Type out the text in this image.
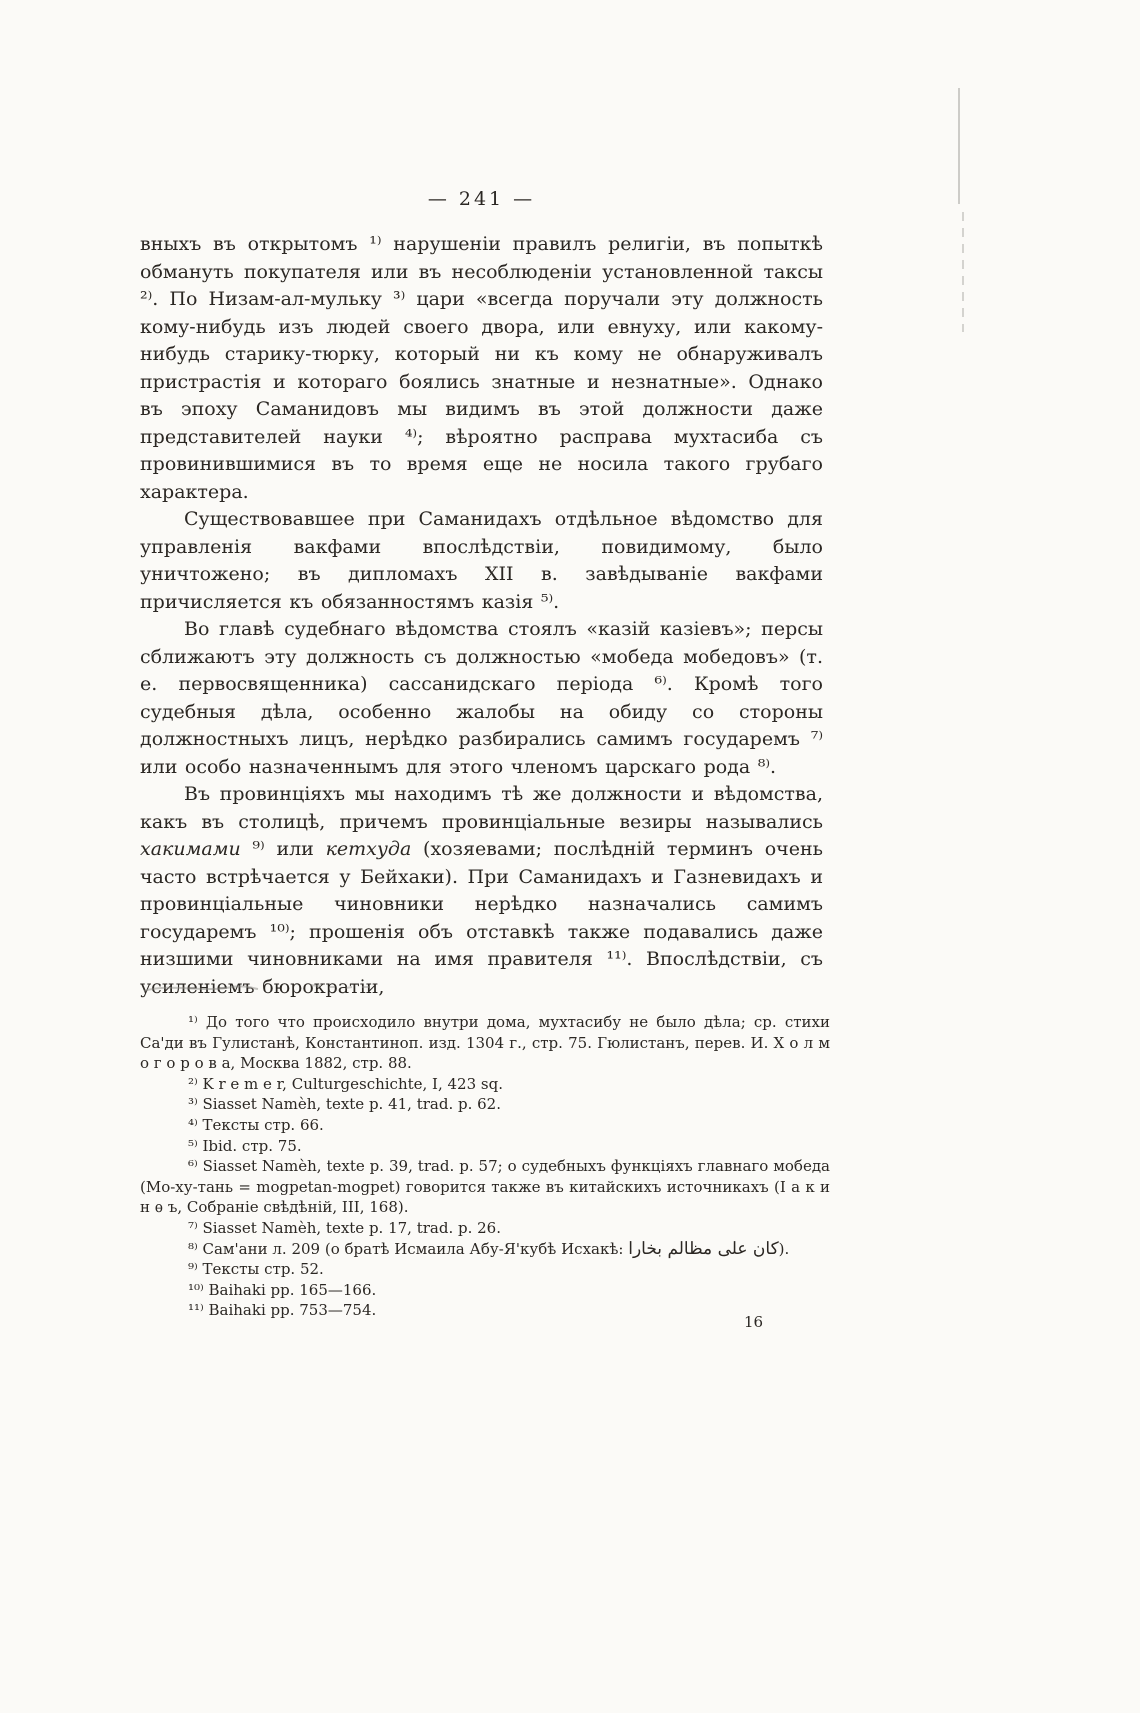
— 241 —

вныхъ въ открытомъ ¹⁾ нарушеніи правилъ религіи, въ попыткѣ обмануть покупателя или въ несоблюденіи установленной таксы ²⁾. По Низам-ал-мульку ³⁾ цари «всегда поручали эту должность кому-нибудь изъ людей своего двора, или евнуху, или какому-нибудь старику-тюрку, который ни къ кому не обнаруживалъ пристрастія и котораго боялись знатные и незнатные». Однако въ эпоху Саманидовъ мы видимъ въ этой должности даже представителей науки ⁴⁾; вѣроятно расправа мухтасиба съ провинившимися въ то время еще не носила такого грубаго характера.

Существовавшее при Саманидахъ отдѣльное вѣдомство для управленія вакфами впослѣдствіи, повидимому, было уничтожено; въ дипломахъ XII в. завѣдываніе вакфами причисляется къ обязанностямъ казія ⁵⁾.

Во главѣ судебнаго вѣдомства стоялъ «казій казіевъ»; персы сближаютъ эту должность съ должностью «мобеда мобедовъ» (т. е. первосвященника) сассанидскаго періода ⁶⁾. Кромѣ того судебныя дѣла, особенно жалобы на обиду со стороны должностныхъ лицъ, нерѣдко разбирались самимъ государемъ ⁷⁾ или особо назначеннымъ для этого членомъ царскаго рода ⁸⁾.

Въ провинціяхъ мы находимъ тѣ же должности и вѣдомства, какъ въ столицѣ, причемъ провинціальные везиры назывались хакимами ⁹⁾ или кетхуда (хозяевами; послѣдній терминъ очень часто встрѣчается у Бейхаки). При Саманидахъ и Газневидахъ и провинціальные чиновники нерѣдко назначались самимъ государемъ ¹⁰⁾; прошенія объ отставкѣ также подавались даже низшими чиновниками на имя правителя ¹¹⁾. Впослѣдствіи, съ усиленіемъ бюрократіи,

¹⁾ До того что происходило внутри дома, мухтасибу не было дѣла; ср. стихи Са'ди въ Гулистанѣ, Константиноп. изд. 1304 г., стр. 75. Гюлистанъ, перев. И. Х о л м о г о р о в а, Москва 1882, стр. 88.

²⁾ K r e m e r, Culturgeschichte, I, 423 sq.

³⁾ Siasset Namèh, texte p. 41, trad. p. 62.

⁴⁾ Тексты стр. 66.

⁵⁾ Ibid. стр. 75.

⁶⁾ Siasset Namèh, texte p. 39, trad. p. 57; о судебныхъ функціяхъ главнаго мобеда (Мо-ху-тань = mogpetan-mogpet) говорится также въ китайскихъ источникахъ (І а к и н ѳ ъ, Собраніе свѣдѣній, III, 168).

⁷⁾ Siasset Namèh, texte p. 17, trad. p. 26.

⁸⁾ Сам'ани л. 209 (о братѣ Исмаила Абу-Я'кубѣ Исхакѣ: كان على مظالم بخارا).

⁹⁾ Тексты стр. 52.

¹⁰⁾ Baihaki pp. 165—166.

¹¹⁾ Baihaki pp. 753—754.

16
